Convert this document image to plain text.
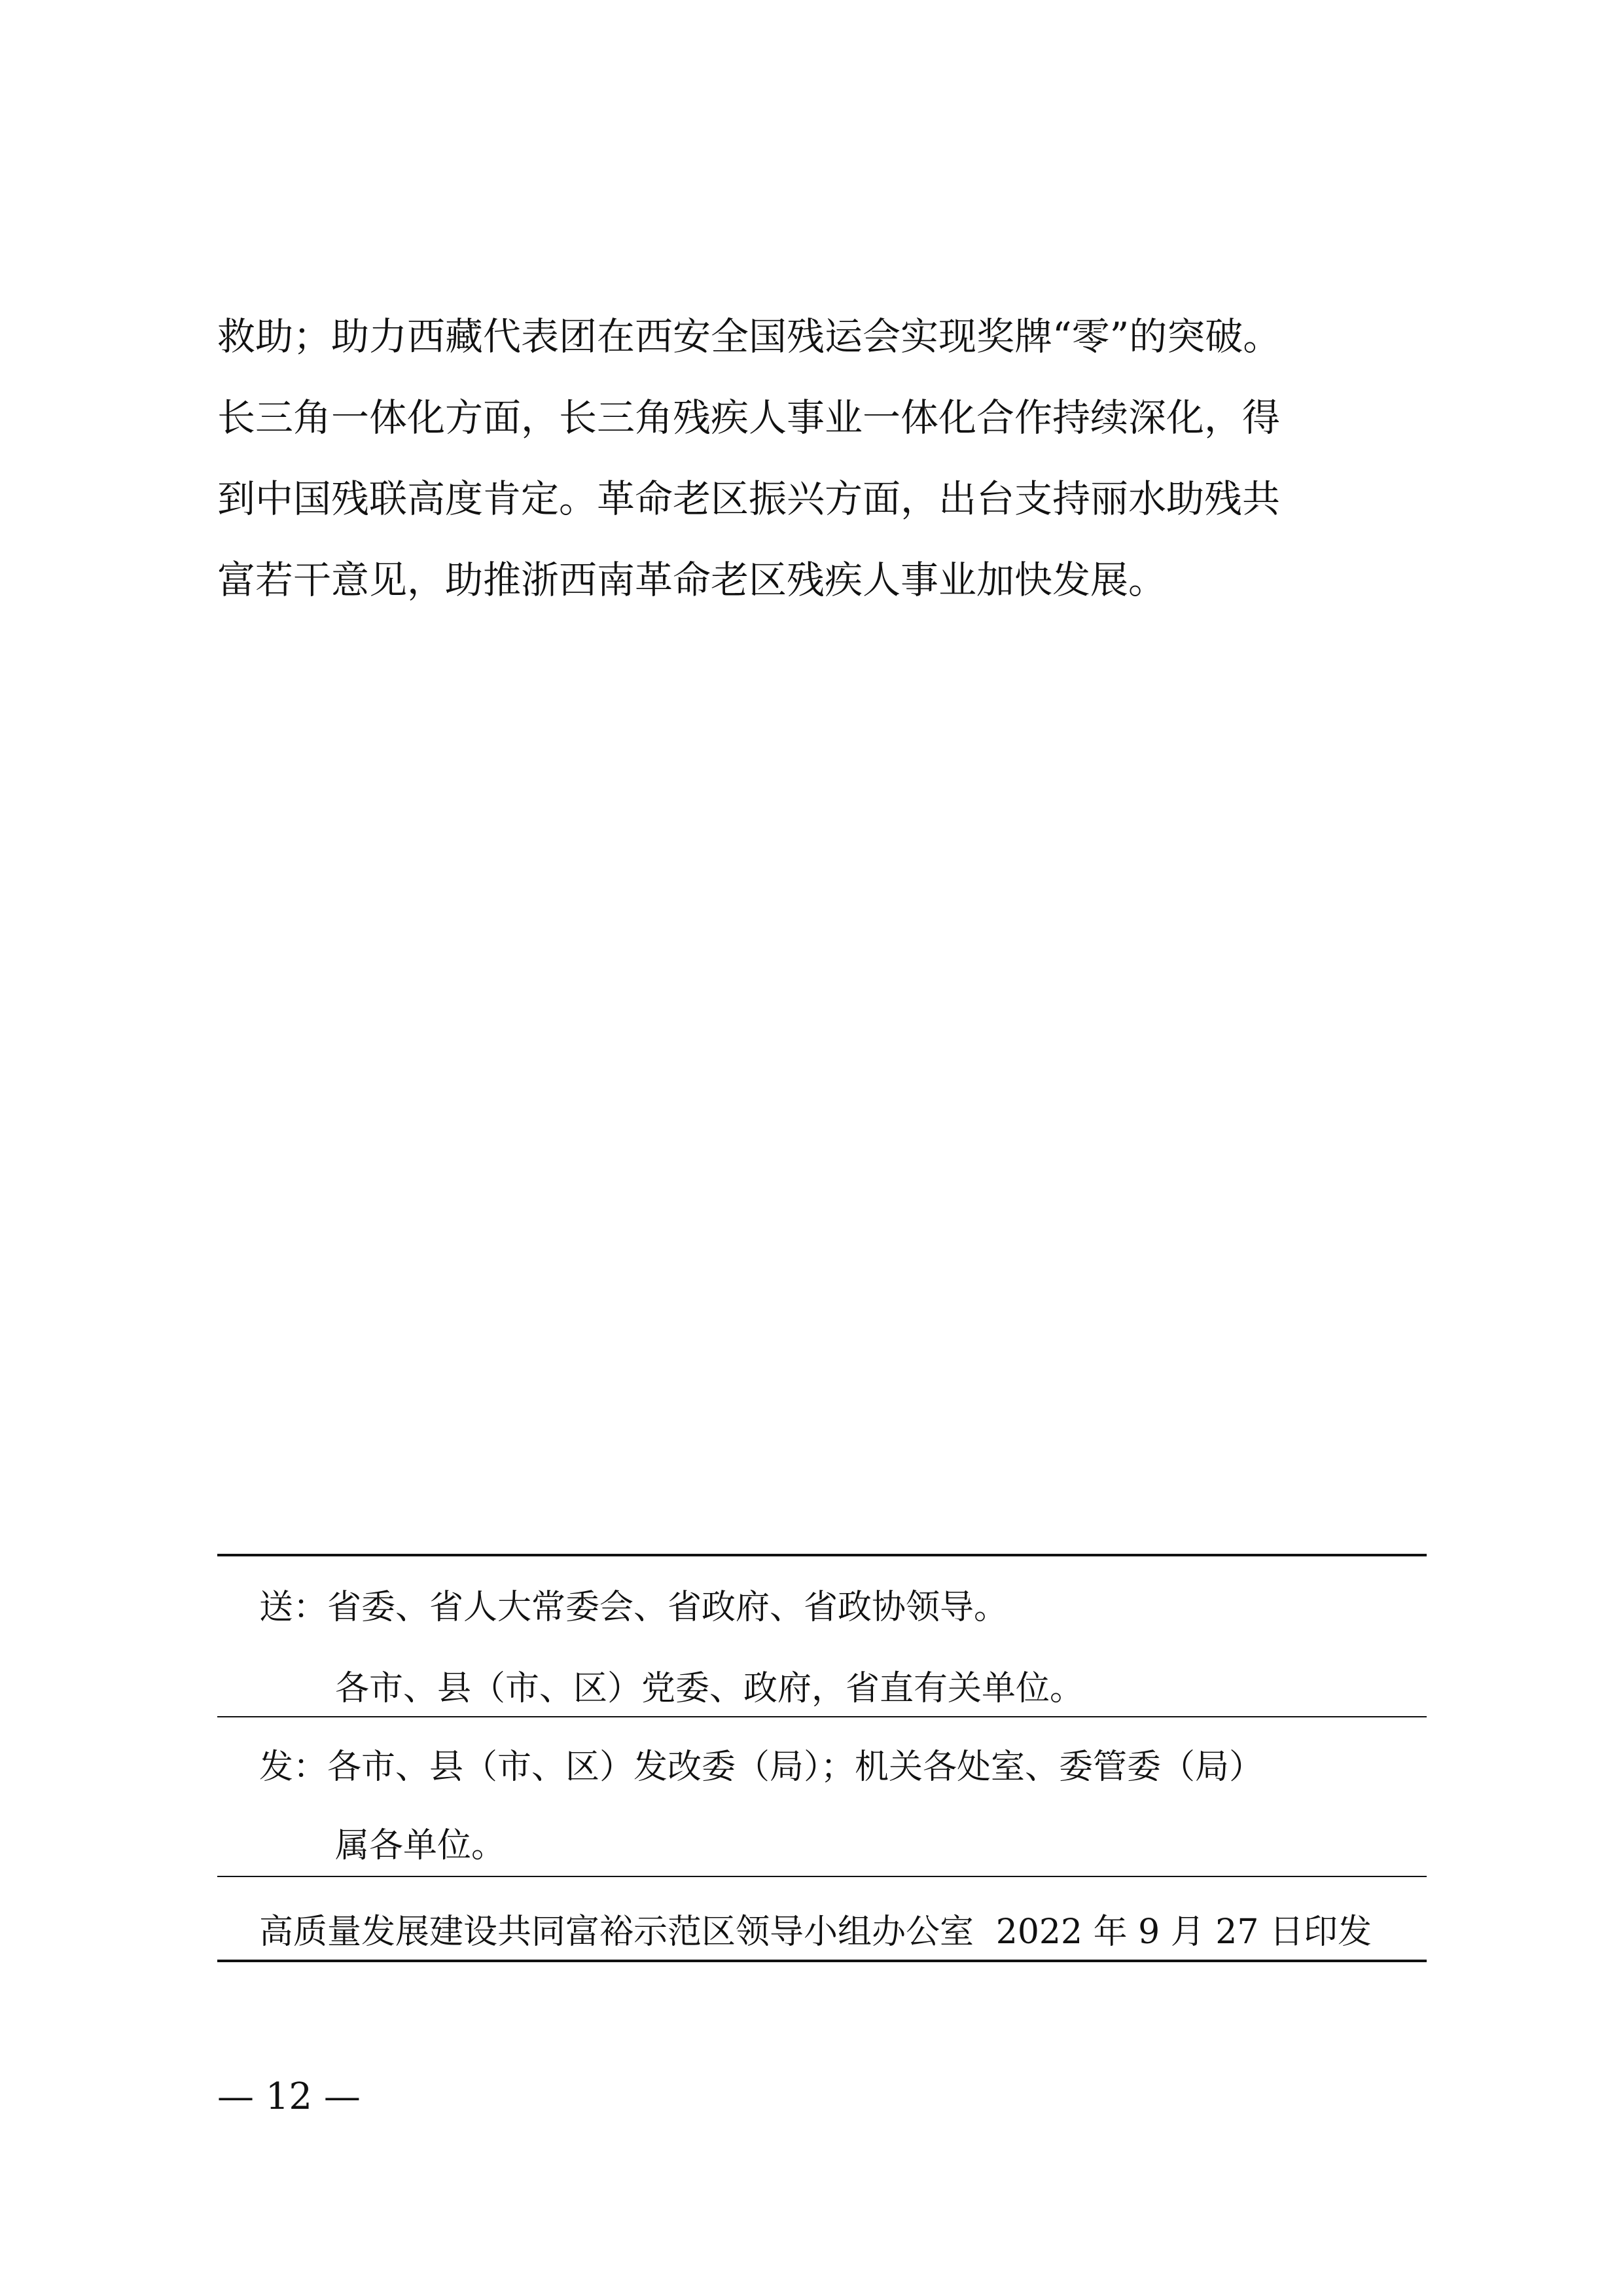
救助；助力西藏代表团在西安全国残运会实现奖牌“零”的突破。

长三角一体化方面，长三角残疾人事业一体化合作持续深化，得

到中国残联高度肯定。革命老区振兴方面，出台支持丽水助残共

富若干意见，助推浙西南革命老区残疾人事业加快发展。

送：省委、省人大常委会、省政府、省政协领导。
各市、县（市、区）党委、政府，省直有关单位。
发：各市、县（市、区）发改委（局）；机关各处室、委管委（局）
属各单位。
高质量发展建设共同富裕示范区领导小组办公室 2022 年 9 月 27 日印发
— 12 —
